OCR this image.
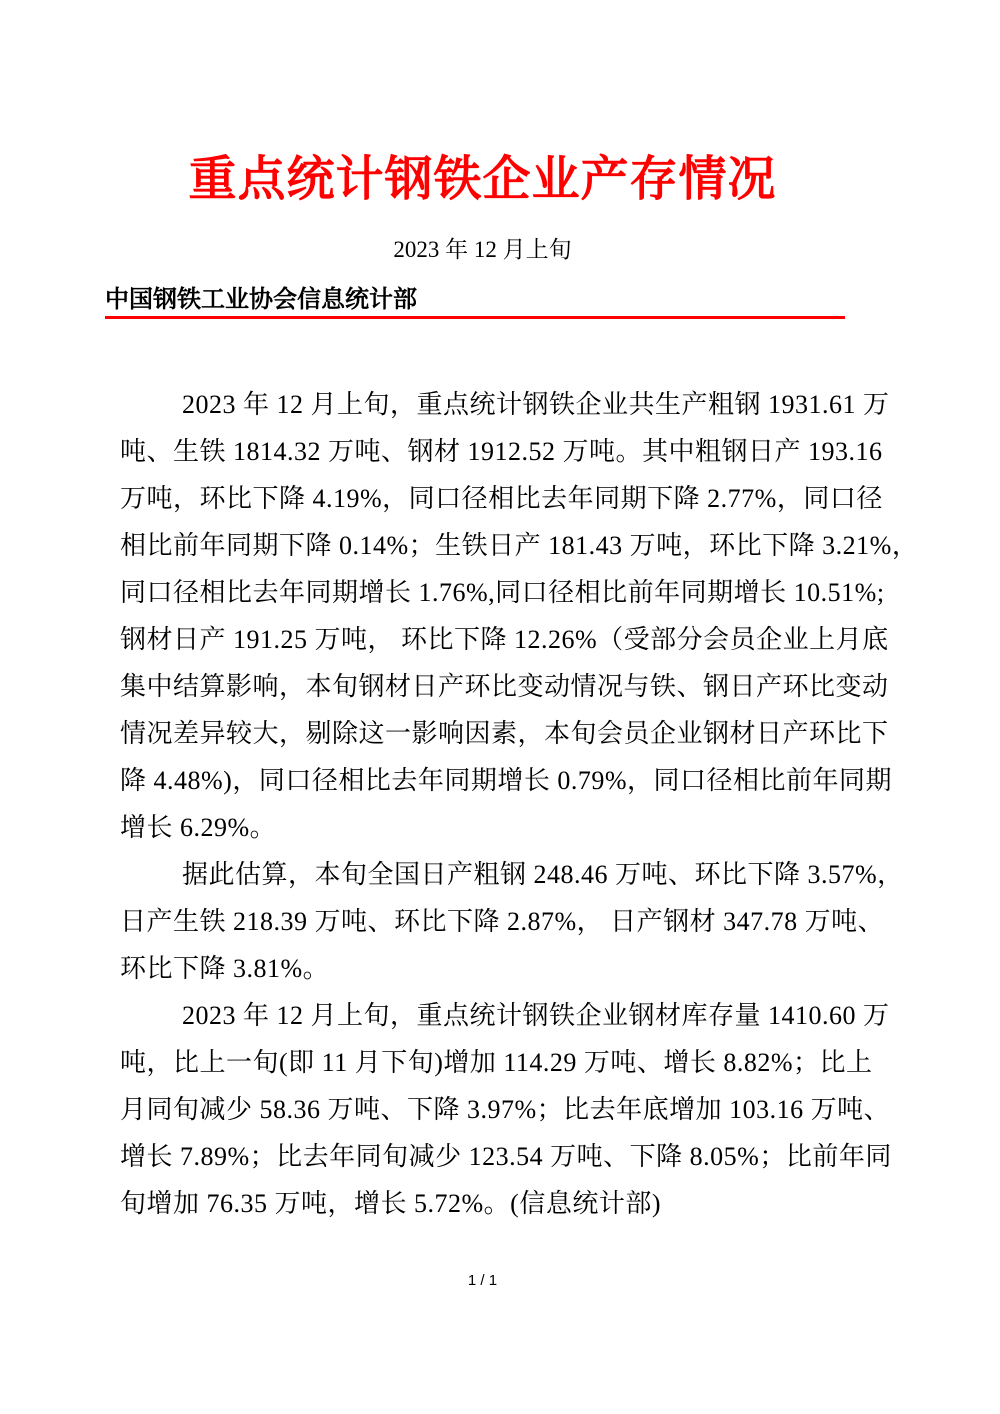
重点统计钢铁企业产存情况
2023 年 12 月上旬
中国钢铁工业协会信息统计部
2023 年 12 月上旬，重点统计钢铁企业共生产粗钢 1931.61 万
吨、生铁 1814.32 万吨、钢材 1912.52 万吨。其中粗钢日产 193.16
万吨，环比下降 4.19%，同口径相比去年同期下降 2.77%，同口径
相比前年同期下降 0.14%；生铁日产 181.43 万吨，环比下降 3.21%，
同口径相比去年同期增长 1.76%,同口径相比前年同期增长 10.51%;
钢材日产 191.25 万吨， 环比下降 12.26%（受部分会员企业上月底
集中结算影响，本旬钢材日产环比变动情况与铁、钢日产环比变动
情况差异较大，剔除这一影响因素，本旬会员企业钢材日产环比下
降 4.48%)，同口径相比去年同期增长 0.79%，同口径相比前年同期
增长 6.29%。
据此估算，本旬全国日产粗钢 248.46 万吨、环比下降 3.57%，
日产生铁 218.39 万吨、环比下降 2.87%， 日产钢材 347.78 万吨、
环比下降 3.81%。
2023 年 12 月上旬，重点统计钢铁企业钢材库存量 1410.60 万
吨，比上一旬(即 11 月下旬)增加 114.29 万吨、增长 8.82%；比上
月同旬减少 58.36 万吨、下降 3.97%；比去年底增加 103.16 万吨、
增长 7.89%；比去年同旬减少 123.54 万吨、下降 8.05%；比前年同
旬增加 76.35 万吨，增长 5.72%。(信息统计部)
1 / 1
